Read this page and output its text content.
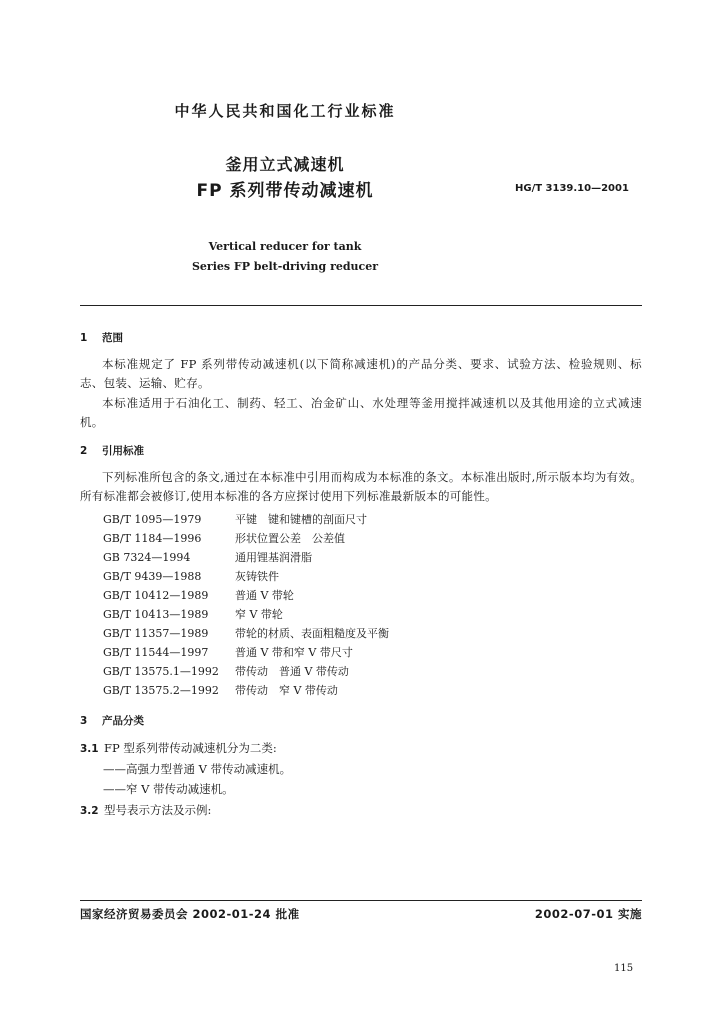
中华人民共和国化工行业标准
釜用立式减速机
FP 系列带传动减速机	HG/T 3139.10—2001
Vertical reducer for tank
Series FP belt-driving reducer
1 范围
本标准规定了 FP 系列带传动减速机(以下简称减速机)的产品分类、要求、试验方法、检验规则、标志、包装、运输、贮存。
本标准适用于石油化工、制药、轻工、冶金矿山、水处理等釜用搅拌减速机以及其他用途的立式减速机。
2 引用标准
下列标准所包含的条文,通过在本标准中引用而构成为本标准的条文。本标准出版时,所示版本均为有效。所有标准都会被修订,使用本标准的各方应探讨使用下列标准最新版本的可能性。
GB/T 1095—1979	平键　键和键槽的剖面尺寸
GB/T 1184—1996	形状位置公差　公差值
GB 7324—1994	通用锂基润滑脂
GB/T 9439—1988	灰铸铁件
GB/T 10412—1989 普通 V 带轮
GB/T 10413—1989 窄 V 带轮
GB/T 11357—1989 带轮的材质、表面粗糙度及平衡
GB/T 11544—1997 普通 V 带和窄 V 带尺寸
GB/T 13575.1—1992 带传动　普通 V 带传动
GB/T 13575.2—1992 带传动　窄 V 带传动
3 产品分类
3.1 FP 型系列带传动减速机分为二类:
——高强力型普通 V 带传动减速机。
——窄 V 带传动减速机。
3.2 型号表示方法及示例:
国家经济贸易委员会 2002-01-24 批准	2002-07-01 实施
115
